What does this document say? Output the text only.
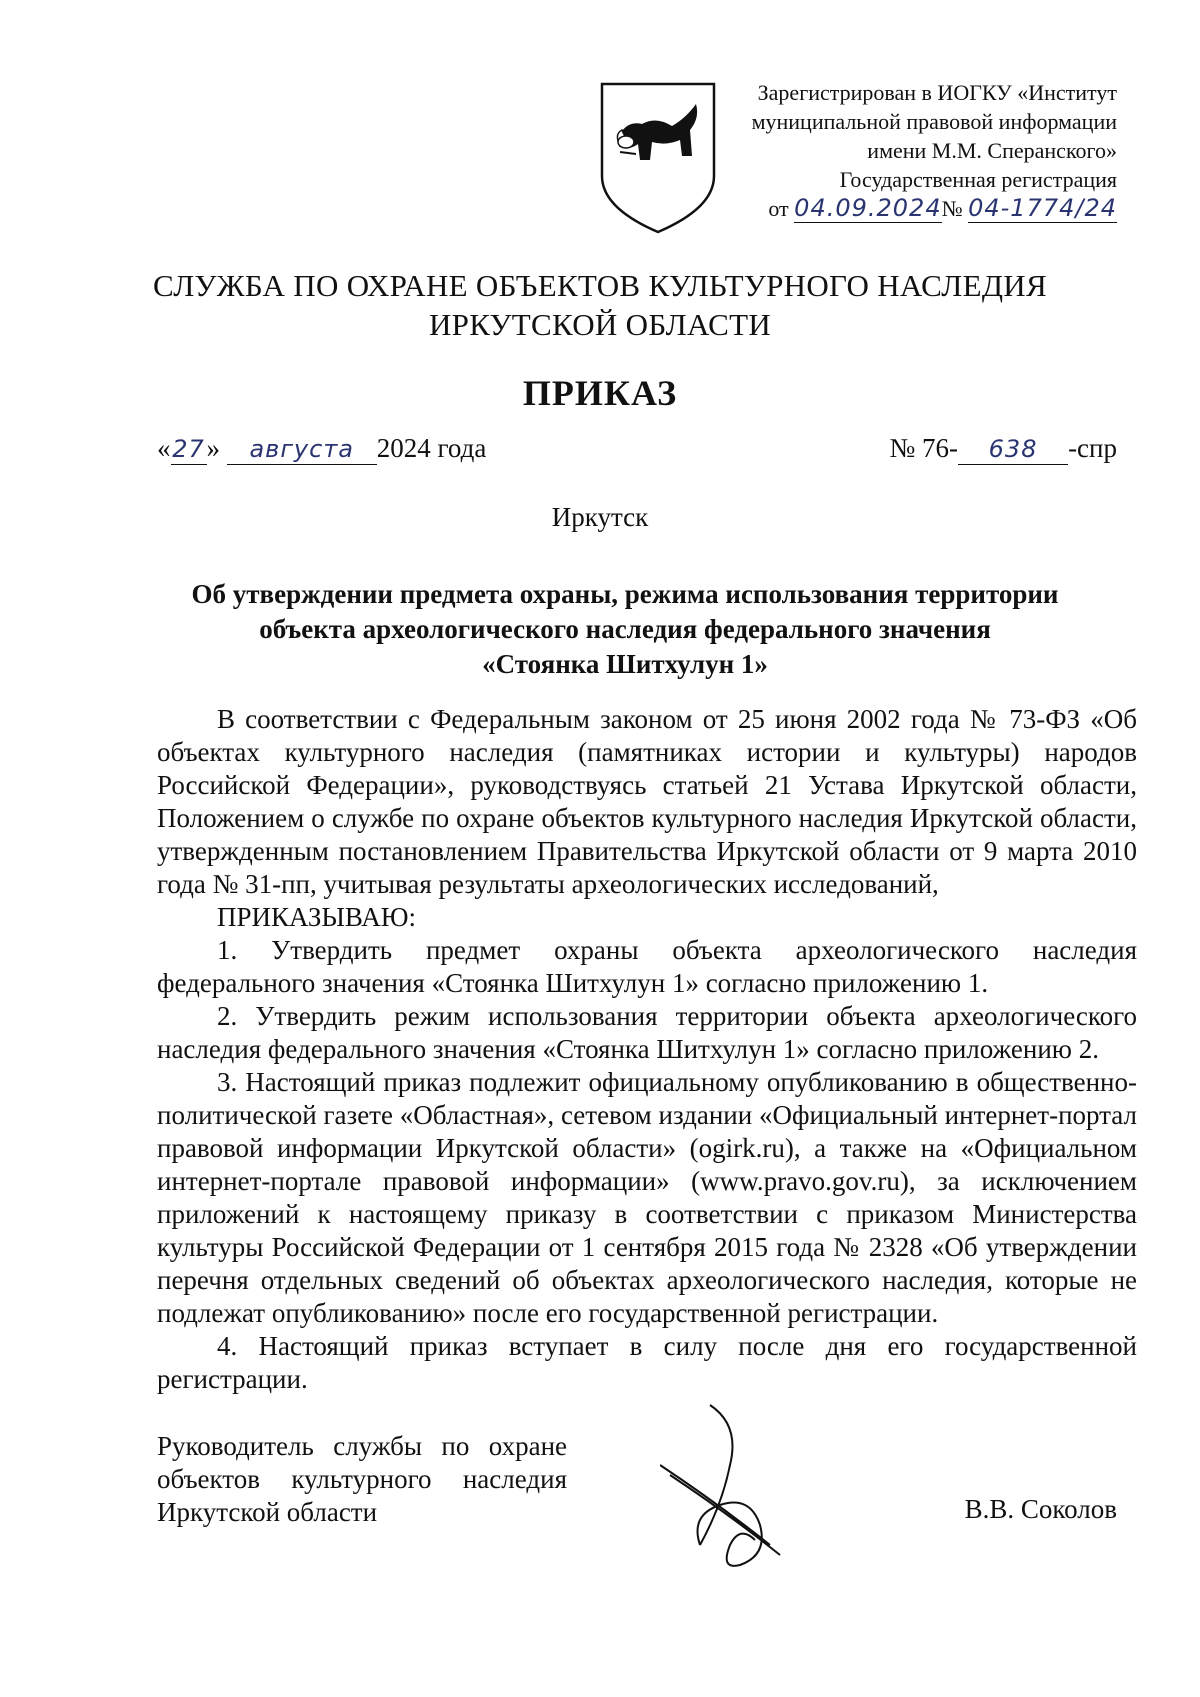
Зарегистрирован в ИОГКУ «Институт
муниципальной правовой информации
имени М.М. Сперанского»
Государственная регистрация
от 04.09.2024№ 04-1774/24
СЛУЖБА ПО ОХРАНЕ ОБЪЕКТОВ КУЛЬТУРНОГО НАСЛЕДИЯ
ИРКУТСКОЙ ОБЛАСТИ
ПРИКАЗ
«27» августа 2024 года	№ 76- 638 -спр
Иркутск
Об утверждении предмета охраны, режима использования территории
объекта археологического наследия федерального значения
«Стоянка Шитхулун 1»

В соответствии с Федеральным законом от 25 июня 2002 года № 73-ФЗ «Об объектах культурного наследия (памятниках истории и культуры) народов Российской Федерации», руководствуясь статьей 21 Устава Иркутской области, Положением о службе по охране объектов культурного наследия Иркутской области, утвержденным постановлением Правительства Иркутской области от 9 марта 2010 года № 31-пп, учитывая результаты археологических исследований,

ПРИКАЗЫВАЮ:

1. Утвердить предмет охраны объекта археологического наследия федерального значения «Стоянка Шитхулун 1» согласно приложению 1.

2. Утвердить режим использования территории объекта археологического наследия федерального значения «Стоянка Шитхулун 1» согласно приложению 2.

3. Настоящий приказ подлежит официальному опубликованию в общественно-политической газете «Областная», сетевом издании «Официальный интернет-портал правовой информации Иркутской области» (ogirk.ru), а также на «Официальном интернет-портале правовой информации» (www.pravo.gov.ru), за исключением приложений к настоящему приказу в соответствии с приказом Министерства культуры Российской Федерации от 1 сентября 2015 года № 2328 «Об утверждении перечня отдельных сведений об объектах археологического наследия, которые не подлежат опубликованию» после его государственной регистрации.

4. Настоящий приказ вступает в силу после дня его государственной регистрации.

Руководитель службы по охране
объектов культурного наследия
Иркутской области	В.В. Соколов
